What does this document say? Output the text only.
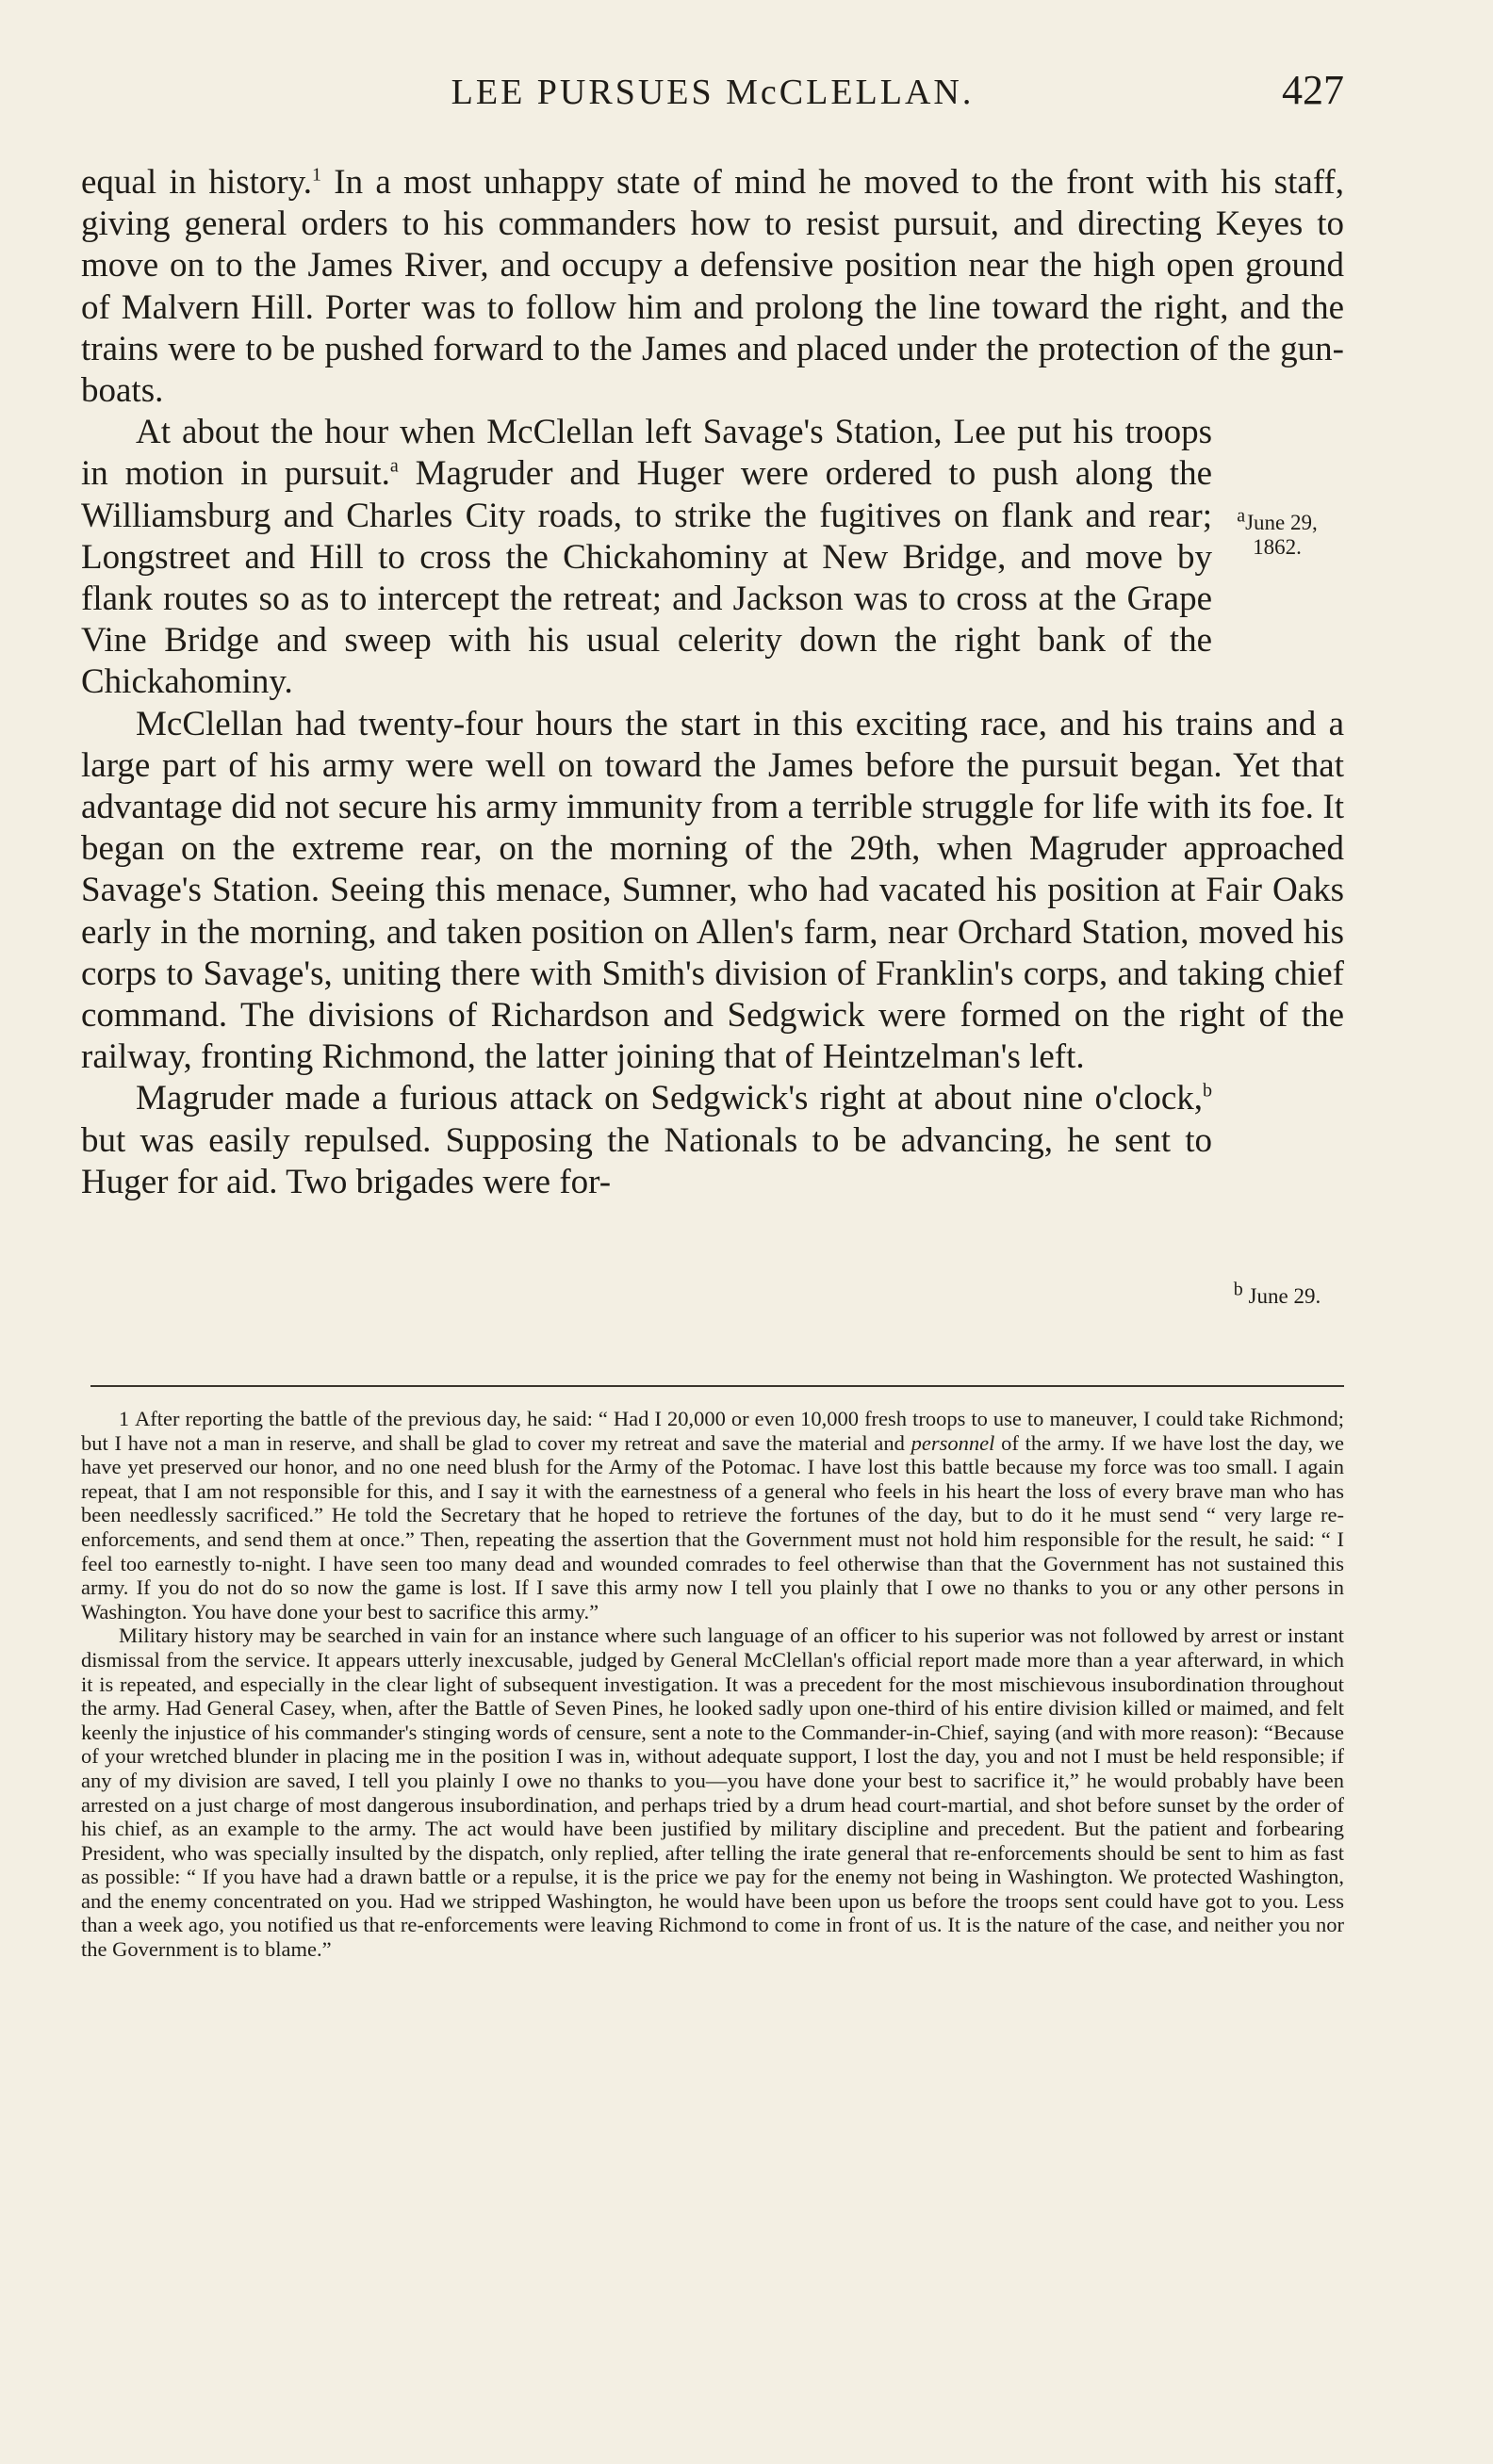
LEE PURSUES McCLELLAN.	427

equal in history.$^1$ In a most unhappy state of mind he moved to the front with his staff, giving general orders to his commanders how to resist pursuit, and directing Keyes to move on to the James River, and occupy a defensive position near the high open ground of Malvern Hill. Porter was to follow him and prolong the line toward the right, and the trains were to be pushed forward to the James and placed under the protection of the gun-boats.

At about the hour when McClellan left Savage's Station, Lee put his troops in motion in pursuit.$^a$ Magruder and Huger were ordered to push along the Williamsburg and Charles City roads, to strike the fugitives on flank and rear; Longstreet and Hill to cross the Chickahominy at New Bridge, and move by flank routes so as to intercept the retreat; and Jackson was to cross at the Grape Vine Bridge and sweep with his usual celerity down the right bank of the Chickahominy.

McClellan had twenty-four hours the start in this exciting race, and his trains and a large part of his army were well on toward the James before the pursuit began. Yet that advantage did not secure his army immunity from a terrible struggle for life with its foe. It began on the extreme rear, on the morning of the 29th, when Magruder approached Savage's Station. Seeing this menace, Sumner, who had vacated his position at Fair Oaks early in the morning, and taken position on Allen's farm, near Orchard Station, moved his corps to Savage's, uniting there with Smith's division of Franklin's corps, and taking chief command. The divisions of Richardson and Sedgwick were formed on the right of the railway, fronting Richmond, the latter joining that of Heintzelman's left.

Magruder made a furious attack on Sedgwick's right at about nine o'clock,$^b$ but was easily repulsed. Supposing the Nationals to be advancing, he sent to Huger for aid. Two brigades were for-

aJune 29,
1862.
b June 29.

1 After reporting the battle of the previous day, he said: “ Had I 20,000 or even 10,000 fresh troops to use to maneuver, I could take Richmond; but I have not a man in reserve, and shall be glad to cover my retreat and save the material and personnel of the army. If we have lost the day, we have yet preserved our honor, and no one need blush for the Army of the Potomac. I have lost this battle because my force was too small. I again repeat, that I am not responsible for this, and I say it with the earnestness of a general who feels in his heart the loss of every brave man who has been needlessly sacrificed.” He told the Secretary that he hoped to retrieve the fortunes of the day, but to do it he must send “ very large re-enforcements, and send them at once.” Then, repeating the assertion that the Government must not hold him responsible for the result, he said: “ I feel too earnestly to-night. I have seen too many dead and wounded comrades to feel otherwise than that the Government has not sustained this army. If you do not do so now the game is lost. If I save this army now I tell you plainly that I owe no thanks to you or any other persons in Washington. You have done your best to sacrifice this army.”

Military history may be searched in vain for an instance where such language of an officer to his superior was not followed by arrest or instant dismissal from the service. It appears utterly inexcusable, judged by General McClellan's official report made more than a year afterward, in which it is repeated, and especially in the clear light of subsequent investigation. It was a precedent for the most mischievous insubordination throughout the army. Had General Casey, when, after the Battle of Seven Pines, he looked sadly upon one-third of his entire division killed or maimed, and felt keenly the injustice of his commander's stinging words of censure, sent a note to the Commander-in-Chief, saying (and with more reason): “Because of your wretched blunder in placing me in the position I was in, without adequate support, I lost the day, you and not I must be held responsible; if any of my division are saved, I tell you plainly I owe no thanks to you—you have done your best to sacrifice it,” he would probably have been arrested on a just charge of most dangerous insubordination, and perhaps tried by a drum head court-martial, and shot before sunset by the order of his chief, as an example to the army. The act would have been justified by military discipline and precedent. But the patient and forbearing President, who was specially insulted by the dispatch, only replied, after telling the irate general that re-enforcements should be sent to him as fast as possible: “ If you have had a drawn battle or a repulse, it is the price we pay for the enemy not being in Washington. We protected Washington, and the enemy concentrated on you. Had we stripped Washington, he would have been upon us before the troops sent could have got to you. Less than a week ago, you notified us that re-enforcements were leaving Richmond to come in front of us. It is the nature of the case, and neither you nor the Government is to blame.”
